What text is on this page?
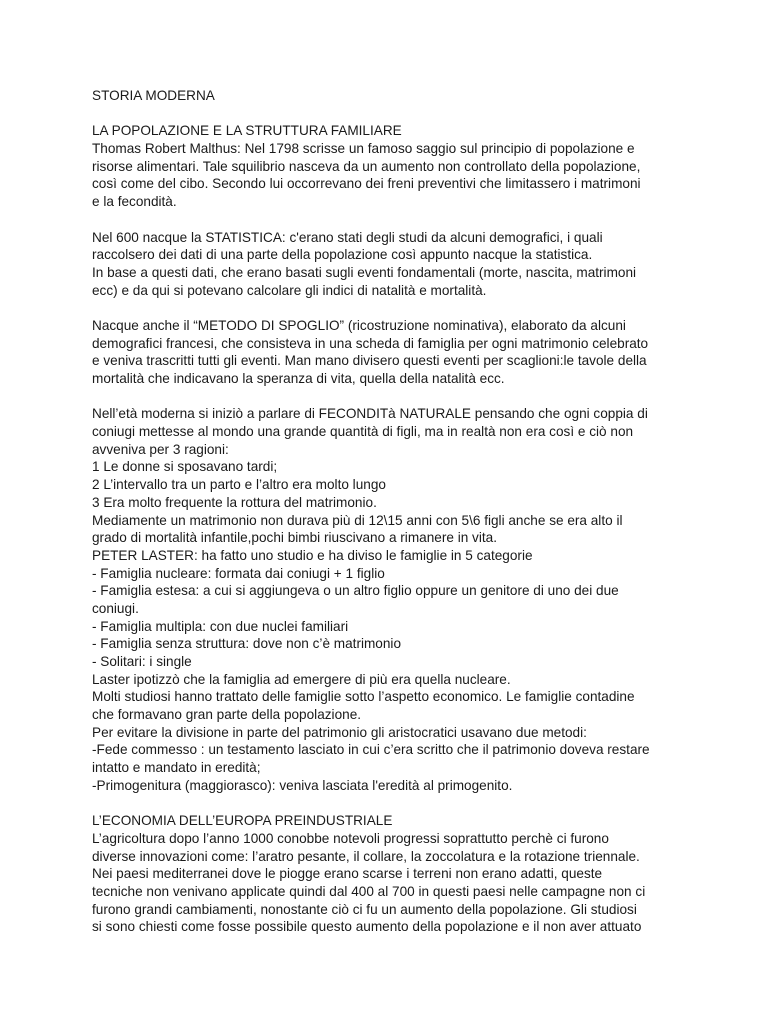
STORIA MODERNA
LA POPOLAZIONE E LA STRUTTURA FAMILIARE
Thomas Robert Malthus: Nel 1798 scrisse un famoso saggio sul principio di popolazione e
risorse alimentari. Tale squilibrio nasceva da un aumento non controllato della popolazione,
così come del cibo. Secondo lui occorrevano dei freni preventivi che limitassero i matrimoni
e la fecondità.
Nel 600 nacque la STATISTICA: c'erano stati degli studi da alcuni demografici, i quali
raccolsero dei dati di una parte della popolazione così appunto nacque la statistica.
In base a questi dati, che erano basati sugli eventi fondamentali (morte, nascita, matrimoni
ecc) e da qui si potevano calcolare gli indici di natalità e mortalità.
Nacque anche il “METODO DI SPOGLIO” (ricostruzione nominativa), elaborato da alcuni
demografici francesi, che consisteva in una scheda di famiglia per ogni matrimonio celebrato
e veniva trascritti tutti gli eventi. Man mano divisero questi eventi per scaglioni:le tavole della
mortalità che indicavano la speranza di vita, quella della natalità ecc.
Nell’età moderna si iniziò a parlare di FECONDITà NATURALE pensando che ogni coppia di
coniugi mettesse al mondo una grande quantità di figli, ma in realtà non era così e ciò non
avveniva per 3 ragioni:
1 Le donne si sposavano tardi;
2 L’intervallo tra un parto e l’altro era molto lungo
3 Era molto frequente la rottura del matrimonio.
Mediamente un matrimonio non durava più di 12\15 anni con 5\6 figli anche se era alto il
grado di mortalità infantile,pochi bimbi riuscivano a rimanere in vita.
PETER LASTER: ha fatto uno studio e ha diviso le famiglie in 5 categorie
- Famiglia nucleare: formata dai coniugi + 1 figlio
- Famiglia estesa: a cui si aggiungeva o un altro figlio oppure un genitore di uno dei due
coniugi.
- Famiglia multipla: con due nuclei familiari
- Famiglia senza struttura: dove non c’è matrimonio
- Solitari: i single
Laster ipotizzò che la famiglia ad emergere di più era quella nucleare.
Molti studiosi hanno trattato delle famiglie sotto l’aspetto economico. Le famiglie contadine
che formavano gran parte della popolazione.
Per evitare la divisione in parte del patrimonio gli aristocratici usavano due metodi:
-Fede commesso : un testamento lasciato in cui c’era scritto che il patrimonio doveva restare
intatto e mandato in eredità;
-Primogenitura (maggiorasco): veniva lasciata l'eredità al primogenito.
L’ECONOMIA DELL’EUROPA PREINDUSTRIALE
L’agricoltura dopo l’anno 1000 conobbe notevoli progressi soprattutto perchè ci furono
diverse innovazioni come: l’aratro pesante, il collare, la zoccolatura e la rotazione triennale.
Nei paesi mediterranei dove le piogge erano scarse i terreni non erano adatti, queste
tecniche non venivano applicate quindi dal 400 al 700 in questi paesi nelle campagne non ci
furono grandi cambiamenti, nonostante ciò ci fu un aumento della popolazione. Gli studiosi
si sono chiesti come fosse possibile questo aumento della popolazione e il non aver attuato
